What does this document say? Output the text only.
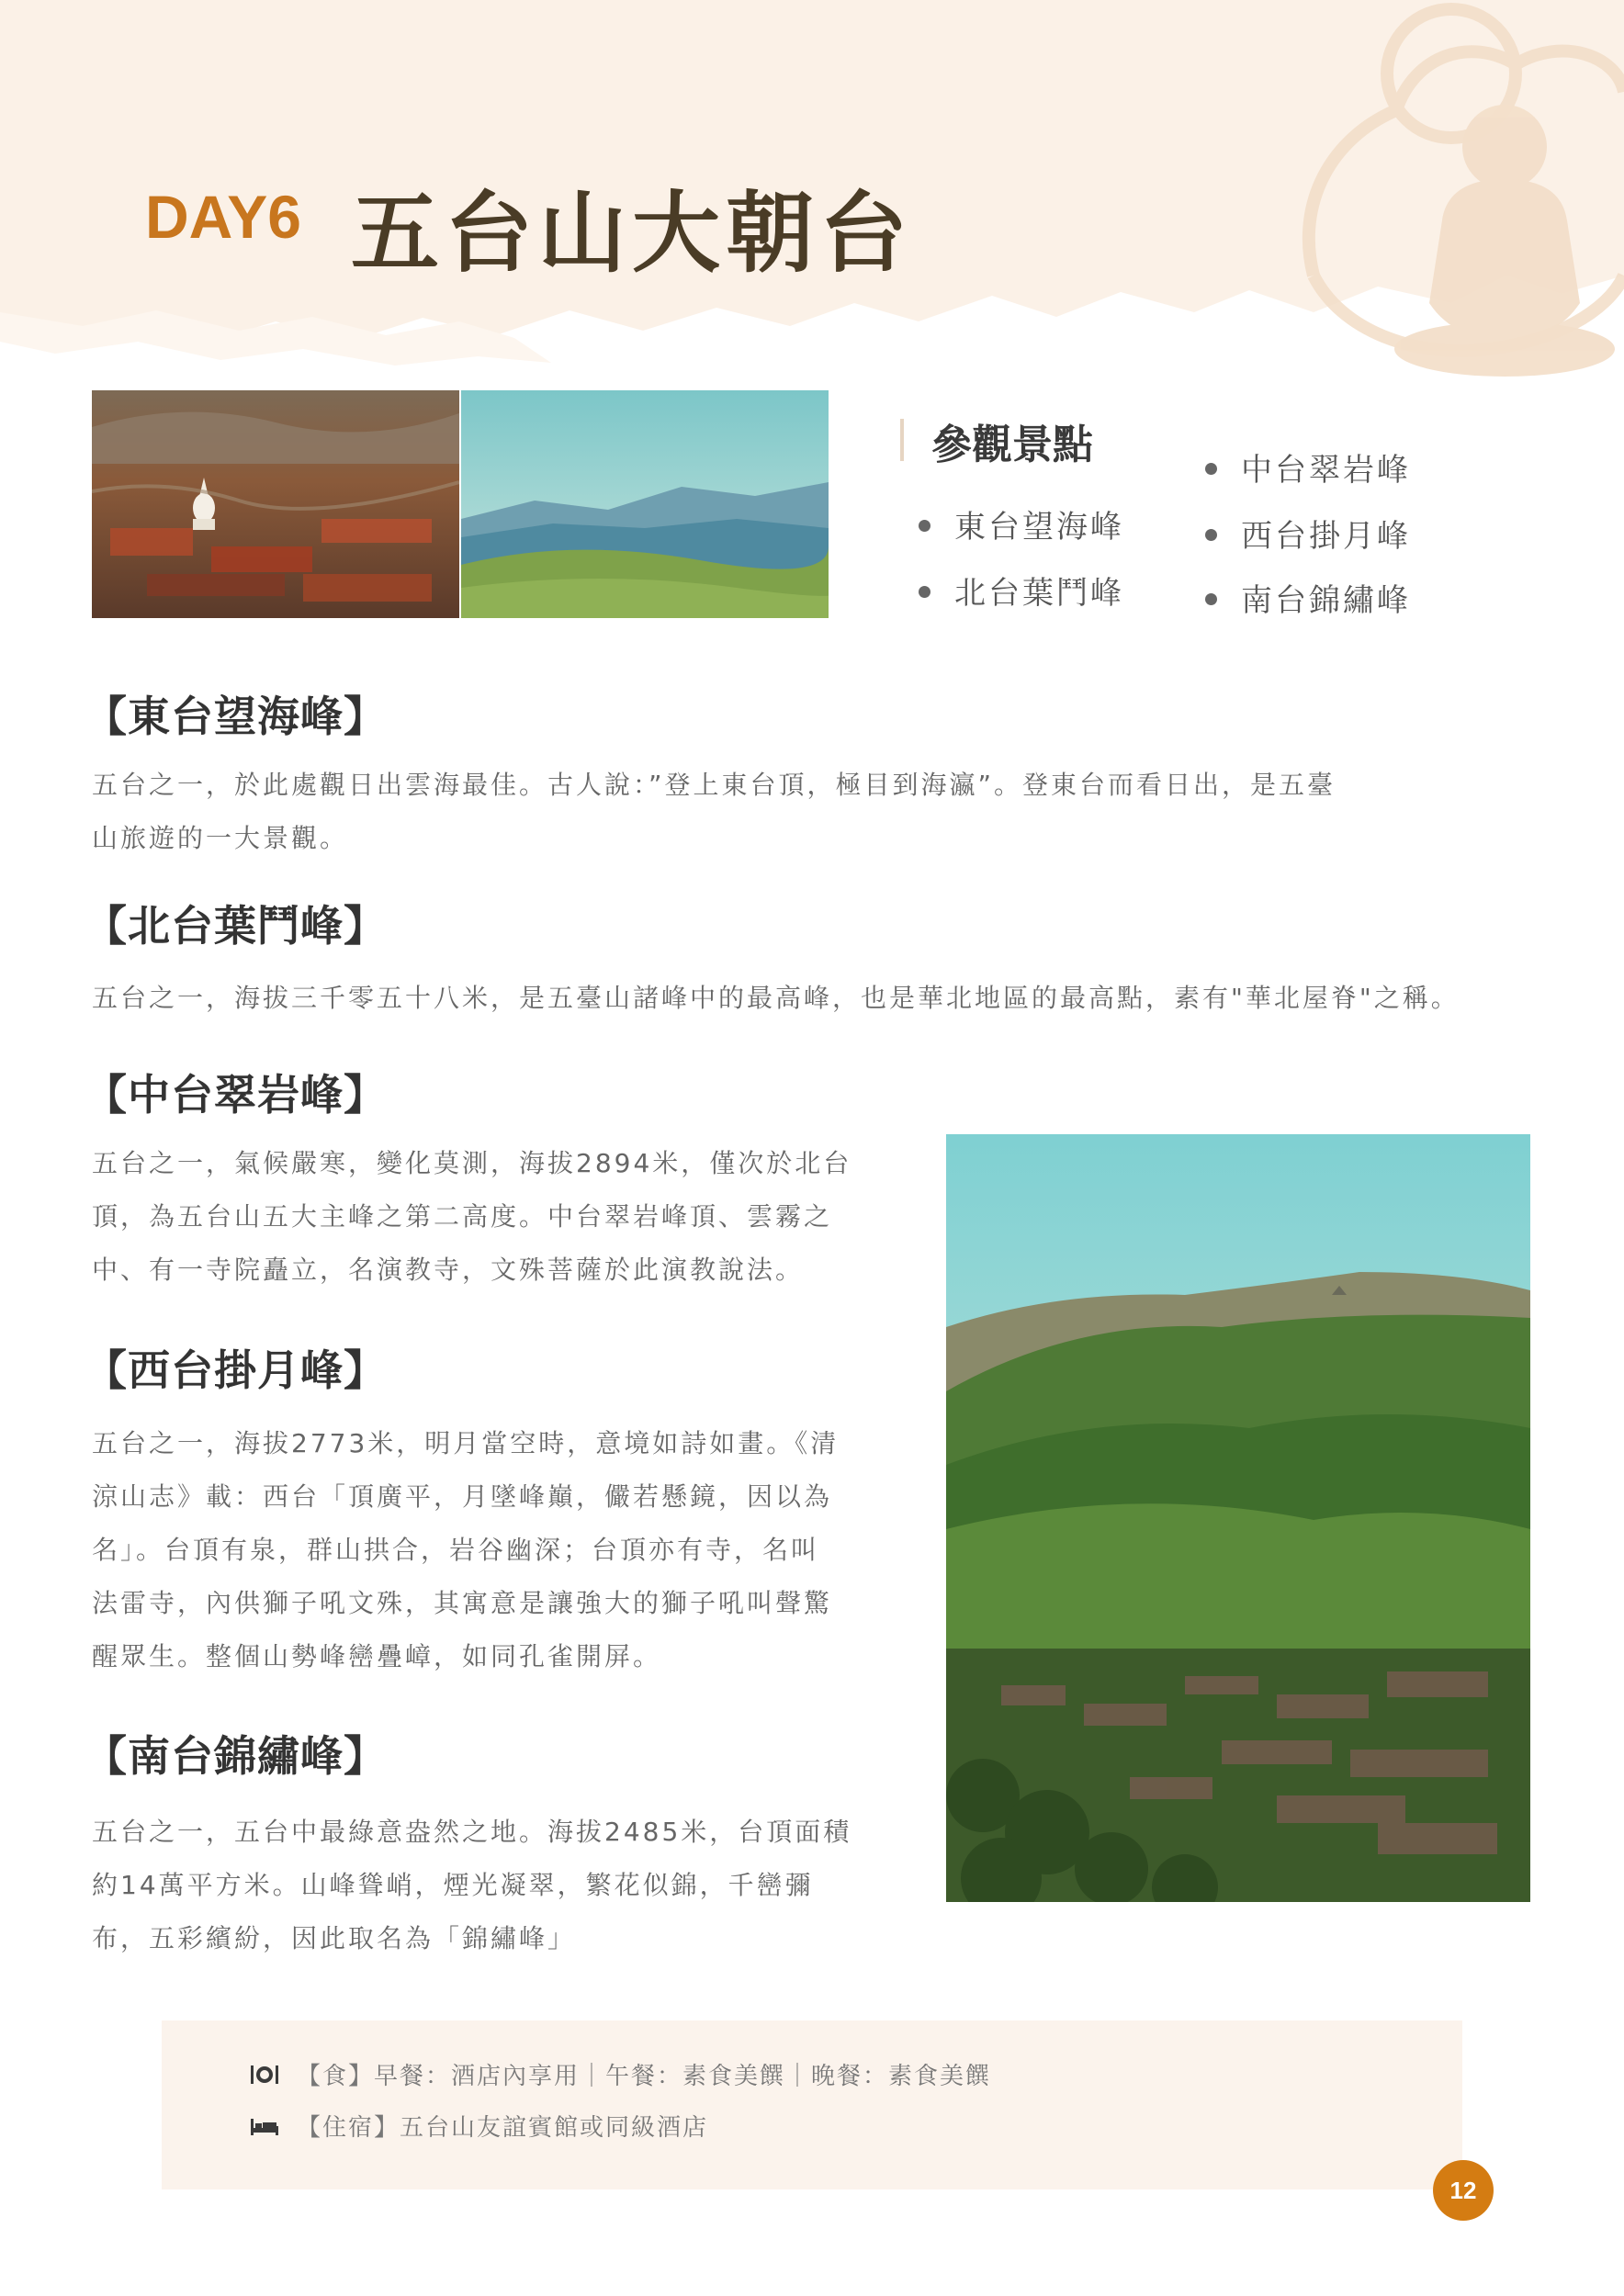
DAY6 五台山大朝台
參觀景點
東台望海峰
北台葉鬥峰
中台翠岩峰
西台掛月峰
南台錦繡峰
【東台望海峰】
五台之一，於此處觀日出雲海最佳。古人說：”登上東台頂，極目到海瀛”。登東台而看日出，是五臺
山旅遊的一大景觀。
【北台葉鬥峰】
五台之一，海拔三千零五十八米，是五臺山諸峰中的最高峰，也是華北地區的最高點，素有"華北屋脊"之稱。
【中台翠岩峰】
五台之一，氣候嚴寒，變化莫測，海拔2894米，僅次於北台
頂，為五台山五大主峰之第二高度。中台翠岩峰頂、雲霧之
中、有一寺院矗立，名演教寺，文殊菩薩於此演教說法。
【西台掛月峰】
五台之一，海拔2773米，明月當空時，意境如詩如畫。《清
涼山志》載：西台「頂廣平，月墜峰巔，儼若懸鏡，因以為
名」。台頂有泉，群山拱合，岩谷幽深；台頂亦有寺，名叫
法雷寺，內供獅子吼文殊，其寓意是讓強大的獅子吼叫聲驚
醒眾生。整個山勢峰巒疊嶂，如同孔雀開屏。
【南台錦繡峰】
五台之一，五台中最綠意盎然之地。海拔2485米，台頂面積
約14萬平方米。山峰聳峭，煙光凝翠，繁花似錦，千巒彌
布，五彩繽紛，因此取名為「錦繡峰」
【食】早餐：酒店內享用｜午餐：素食美饌｜晚餐：素食美饌
【住宿】五台山友誼賓館或同級酒店
12
